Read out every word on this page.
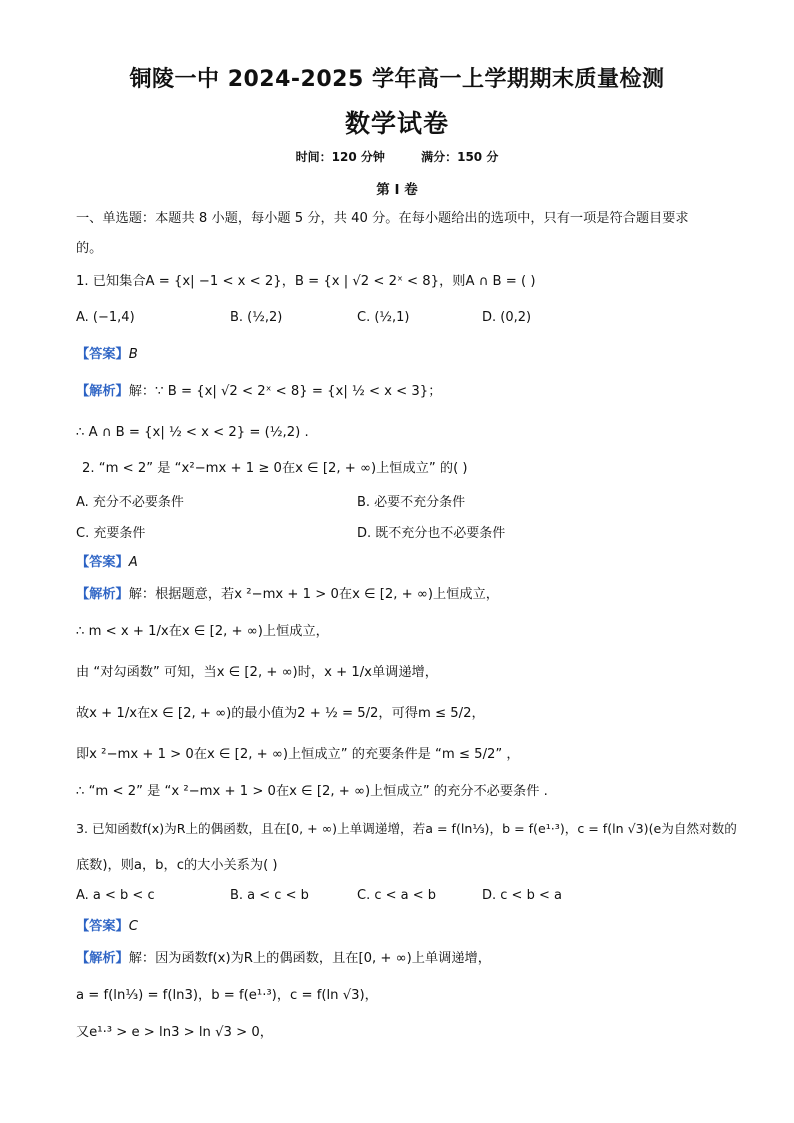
铜陵一中 2024-2025 学年高一上学期期末质量检测
数学试卷
时间：120 分钟	满分：150 分
第 I 卷
一、单选题：本题共 8 小题，每小题 5 分，共 40 分。在每小题给出的选项中，只有一项是符合题目要求
的。
1. 已知集合A = {x| −1 < x < 2}，B = {x | √2 < 2ˣ < 8}，则A ∩ B = ( )
A. (−1,4)	B. (½,2)	C. (½,1)	D. (0,2)
【答案】B
【解析】解：∵ B = {x| √2 < 2ˣ < 8} = {x| ½ < x < 3}；
∴ A ∩ B = {x| ½ < x < 2} = (½,2) .
2. “m < 2” 是 “x²−mx + 1 ≥ 0在x ∈ [2, + ∞)上恒成立” 的( )
A. 充分不必要条件	B. 必要不充分条件
C. 充要条件	D. 既不充分也不必要条件
【答案】A
【解析】解：根据题意，若x ²−mx + 1 > 0在x ∈ [2, + ∞)上恒成立，
∴ m < x + 1/x在x ∈ [2, + ∞)上恒成立，
由 “对勾函数” 可知，当x ∈ [2, + ∞)时，x + 1/x单调递增，
故x + 1/x在x ∈ [2, + ∞)的最小值为2 + ½ = 5/2，可得m ≤ 5/2，
即x ²−mx + 1 > 0在x ∈ [2, + ∞)上恒成立” 的充要条件是 “m ≤ 5/2” ，
∴ “m < 2” 是 “x ²−mx + 1 > 0在x ∈ [2, + ∞)上恒成立” 的充分不必要条件 .
3. 已知函数f(x)为R上的偶函数，且在[0, + ∞)上单调递增，若a = f(ln⅓)，b = f(e¹·³)，c = f(ln √3)(e为自然对数的
底数)，则a，b，c的大小关系为( )
A. a < b < c	B. a < c < b	C. c < a < b	D. c < b < a
【答案】C
【解析】解：因为函数f(x)为R上的偶函数，且在[0, + ∞)上单调递增，
a = f(ln⅓) = f(ln3)，b = f(e¹·³)，c = f(ln √3)，
又e¹·³ > e > ln3 > ln √3 > 0，
